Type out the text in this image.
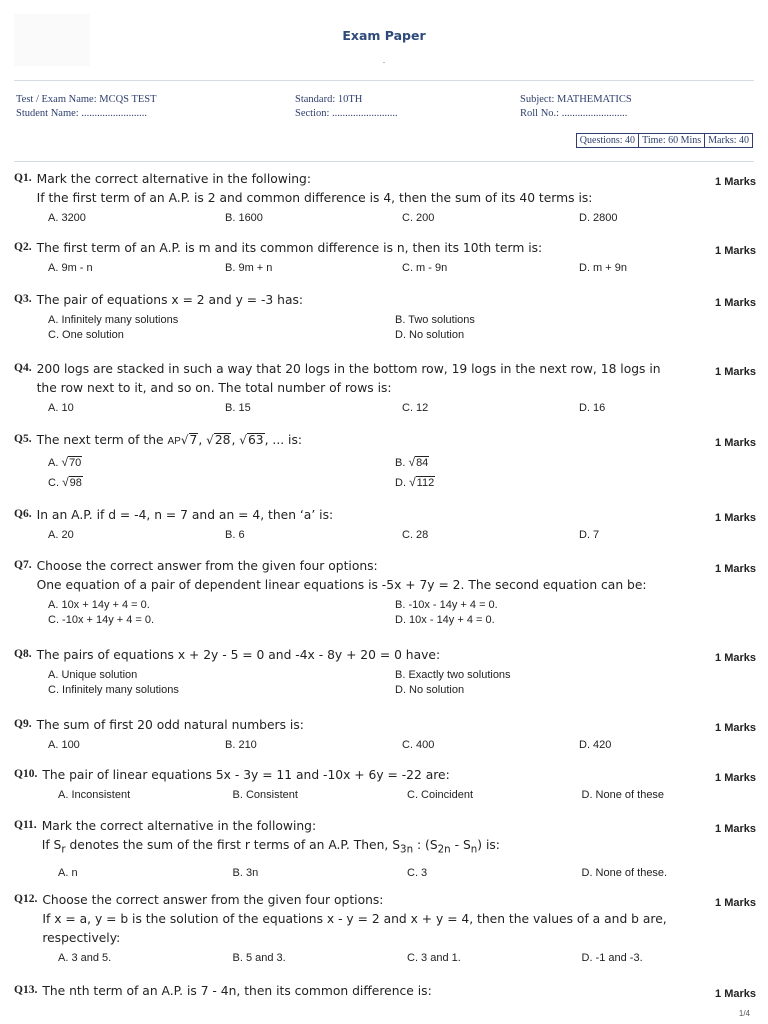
Exam Paper
.
Test / Exam Name: MCQS TEST
Student Name: .........................
Standard: 10TH
Section: .........................
Subject: MATHEMATICS
Roll No.: .........................
Questions: 40 Time: 60 Mins Marks: 40
Q1. Mark the correct alternative in the following:
If the first term of an A.P. is 2 and common difference is 4, then the sum of its 40 terms is:
1 Marks
A. 3200	B. 1600	C. 200	D. 2800
Q2. The first term of an A.P. is m and its common difference is n, then its 10th term is:	1 Marks
A. 9m - n	B. 9m + n	C. m - 9n	D. m + 9n
Q3. The pair of equations x = 2 and y = -3 has:	1 Marks
A. Infinitely many solutions	B. Two solutions
C. One solution	D. No solution
Q4. 200 logs are stacked in such a way that 20 logs in the bottom row, 19 logs in the next row, 18 logs in
the row next to it, and so on. The total number of rows is:
1 Marks
A. 10	B. 15	C. 12	D. 16
Q5. The next term of the AP√7, √28, √63, ... is:	1 Marks
A. √70	B. √84
C. √98	D. √112
Q6. In an A.P. if d = -4, n = 7 and an = 4, then ‘a’ is:	1 Marks
A. 20	B. 6	C. 28	D. 7
Q7. Choose the correct answer from the given four options:
One equation of a pair of dependent linear equations is -5x + 7y = 2. The second equation can be:
1 Marks
A. 10x + 14y + 4 = 0.	B. -10x - 14y + 4 = 0.
C. -10x + 14y + 4 = 0.	D. 10x - 14y + 4 = 0.
Q8. The pairs of equations x + 2y - 5 = 0 and -4x - 8y + 20 = 0 have:	1 Marks
A. Unique solution	B. Exactly two solutions
C. Infinitely many solutions	D. No solution
Q9. The sum of first 20 odd natural numbers is:	1 Marks
A. 100	B. 210	C. 400	D. 420
Q10. The pair of linear equations 5x - 3y = 11 and -10x + 6y = -22 are:	1 Marks
A. Inconsistent	B. Consistent	C. Coincident	D. None of these
Q11. Mark the correct alternative in the following:
If $S_r$ denotes the sum of the first r terms of an A.P. Then, $S_{3n}$ : $(S_{2n} - S_n)$ is:
1 Marks
A. n	B. 3n	C. 3	D. None of these.
Q12. Choose the correct answer from the given four options:
If x = a, y = b is the solution of the equations x - y = 2 and x + y = 4, then the values of a and b are,
respectively:
1 Marks
A. 3 and 5.	B. 5 and 3.	C. 3 and 1.	D. -1 and -3.
Q13. The nth term of an A.P. is 7 - 4n, then its common difference is:	1 Marks
1/4
